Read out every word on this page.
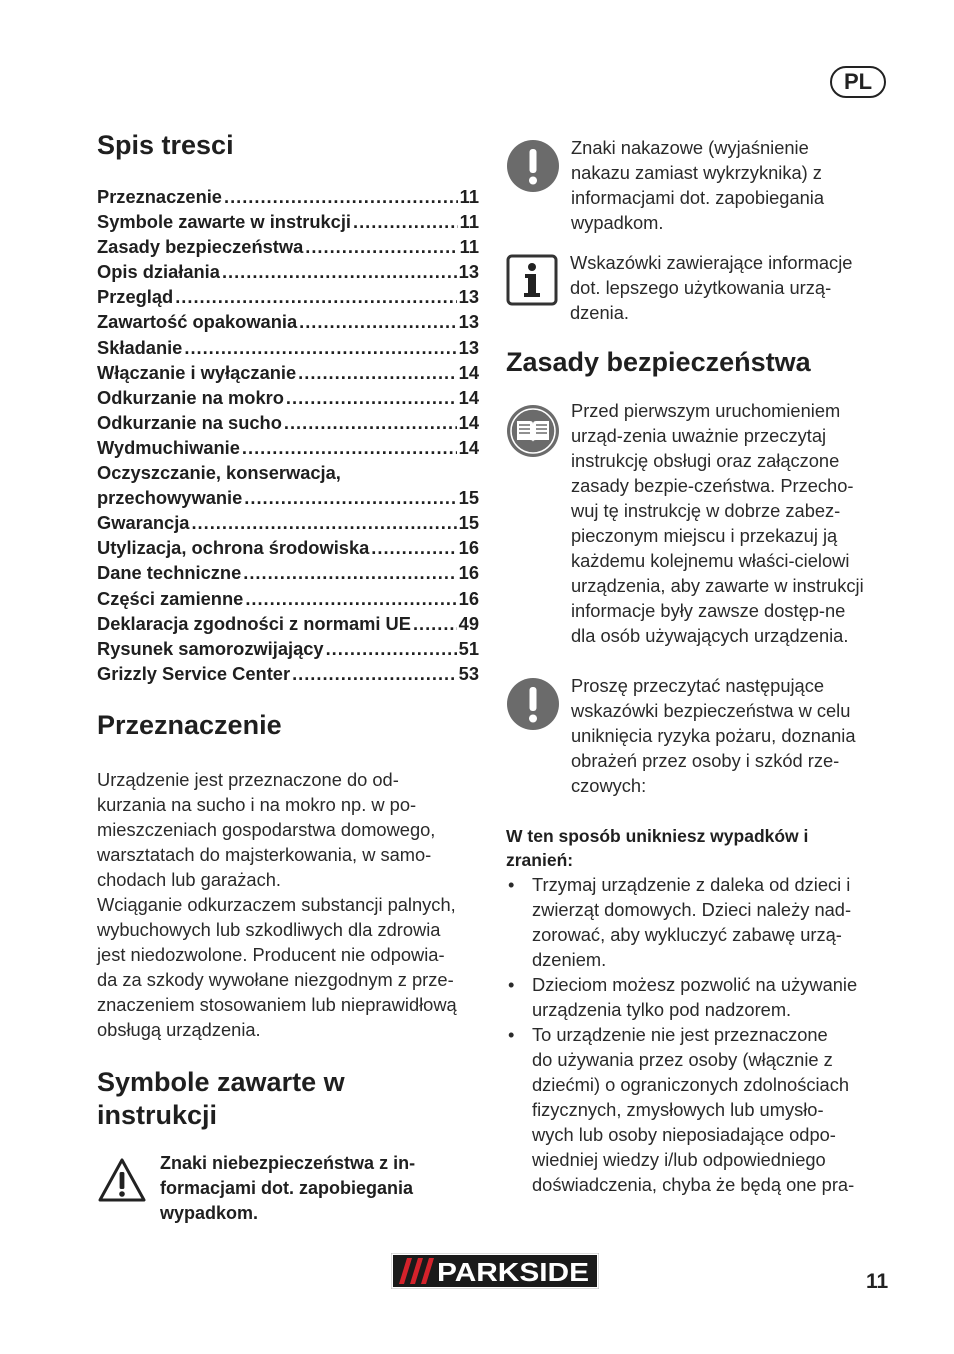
PL
Spis tresci
Przeznaczenie .....	11
Symbole zawarte w instrukcji .....	11
Zasady bezpieczeństwa .....	11
Opis działania .....	13
Przegląd .....	13
Zawartość opakowania .....	13
Składanie .....	13
Włączanie i wyłączanie .....	14
Odkurzanie na mokro .....	14
Odkurzanie na sucho .....	14
Wydmuchiwanie .....	14
Oczyszczanie, konserwacja,
przechowywanie .....	15
Gwarancja .....	15
Utylizacja, ochrona środowiska .....	16
Dane techniczne .....	16
Części zamienne .....	16
Deklaracja zgodności z normami UE .....	49
Rysunek samorozwijający .....	51
Grizzly Service Center .....	53
Przeznaczenie
Urządzenie jest przeznaczone do od-
kurzania na sucho i na mokro np. w po-
mieszczeniach gospodarstwa domowego,
warsztatach do majsterkowania, w samo-
chodach lub garażach.
Wciąganie odkurzaczem substancji palnych,
wybuchowych lub szkodliwych dla zdrowia
jest niedozwolone. Producent nie odpowia-
da za szkody wywołane niezgodnym z prze-
znaczeniem stosowaniem lub nieprawidłową
obsługą urządzenia.
Symbole zawarte w
instrukcji
Znaki niebezpieczeństwa z in-
formacjami dot. zapobiegania
wypadkom.
Znaki nakazowe (wyjaśnienie
nakazu zamiast wykrzyknika) z
informacjami dot. zapobiegania
wypadkom.
Wskazówki zawierające informacje
dot. lepszego użytkowania urzą-
dzenia.
Zasady bezpieczeństwa
Przed pierwszym uruchomieniem
urząd-zenia uważnie przeczytaj
instrukcję obsługi oraz załączone
zasady bezpie-czeństwa. Przecho-
wuj tę instrukcję w dobrze zabez-
pieczonym miejscu i przekazuj ją
każdemu kolejnemu właści-cielowi
urządzenia, aby zawarte w instrukcji
informacje były zawsze dostęp-ne
dla osób używających urządzenia.
Proszę przeczytać następujące
wskazówki bezpieczeństwa w celu
uniknięcia ryzyka pożaru, doznania
obrażeń przez osoby i szkód rze-
czowych:
W ten sposób unikniesz wypadków i
zranień:
• Trzymaj urządzenie z daleka od dzieci i
zwierząt domowych. Dzieci należy nad-
zorować, aby wykluczyć zabawę urzą-
dzeniem.
• Dzieciom możesz pozwolić na używanie
urządzenia tylko pod nadzorem.
• To urządzenie nie jest przeznaczone
do używania przez osoby (włącznie z
dziećmi) o ograniczonych zdolnościach
fizycznych, zmysłowych lub umysło-
wych lub osoby nieposiadające odpo-
wiedniej wiedzy i/lub odpowiedniego
doświadczenia, chyba że będą one pra-
PARKSIDE	11
